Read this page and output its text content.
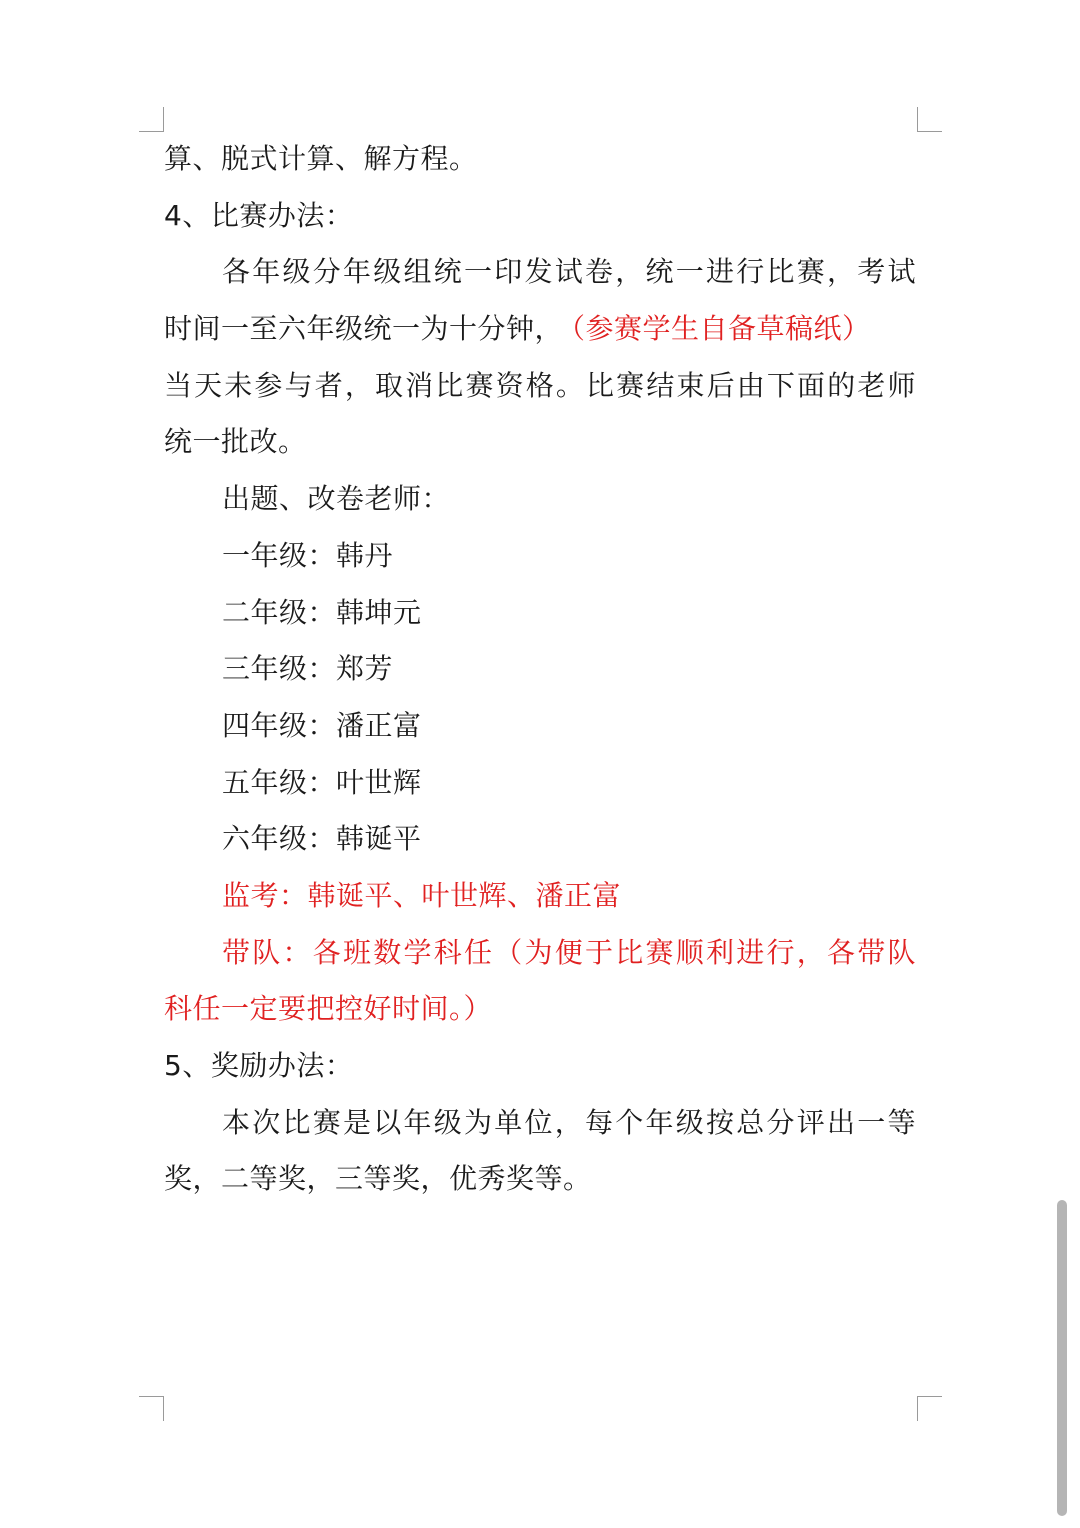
算、脱式计算、解方程。
4、比赛办法：
各年级分年级组统一印发试卷，统一进行比赛，考试
时间一至六年级统一为十分钟， （参赛学生自备草稿纸）
当天未参与者，取消比赛资格。比赛结束后由下面的老师
统一批改。
出题、改卷老师：
一年级：韩丹
二年级：韩坤元
三年级：郑芳
四年级：潘正富
五年级：叶世辉
六年级：韩诞平
监考：韩诞平、叶世辉、潘正富
带队：各班数学科任（为便于比赛顺利进行，各带队
科任一定要把控好时间。）
5、奖励办法：
本次比赛是以年级为单位，每个年级按总分评出一等
奖，二等奖，三等奖，优秀奖等。
